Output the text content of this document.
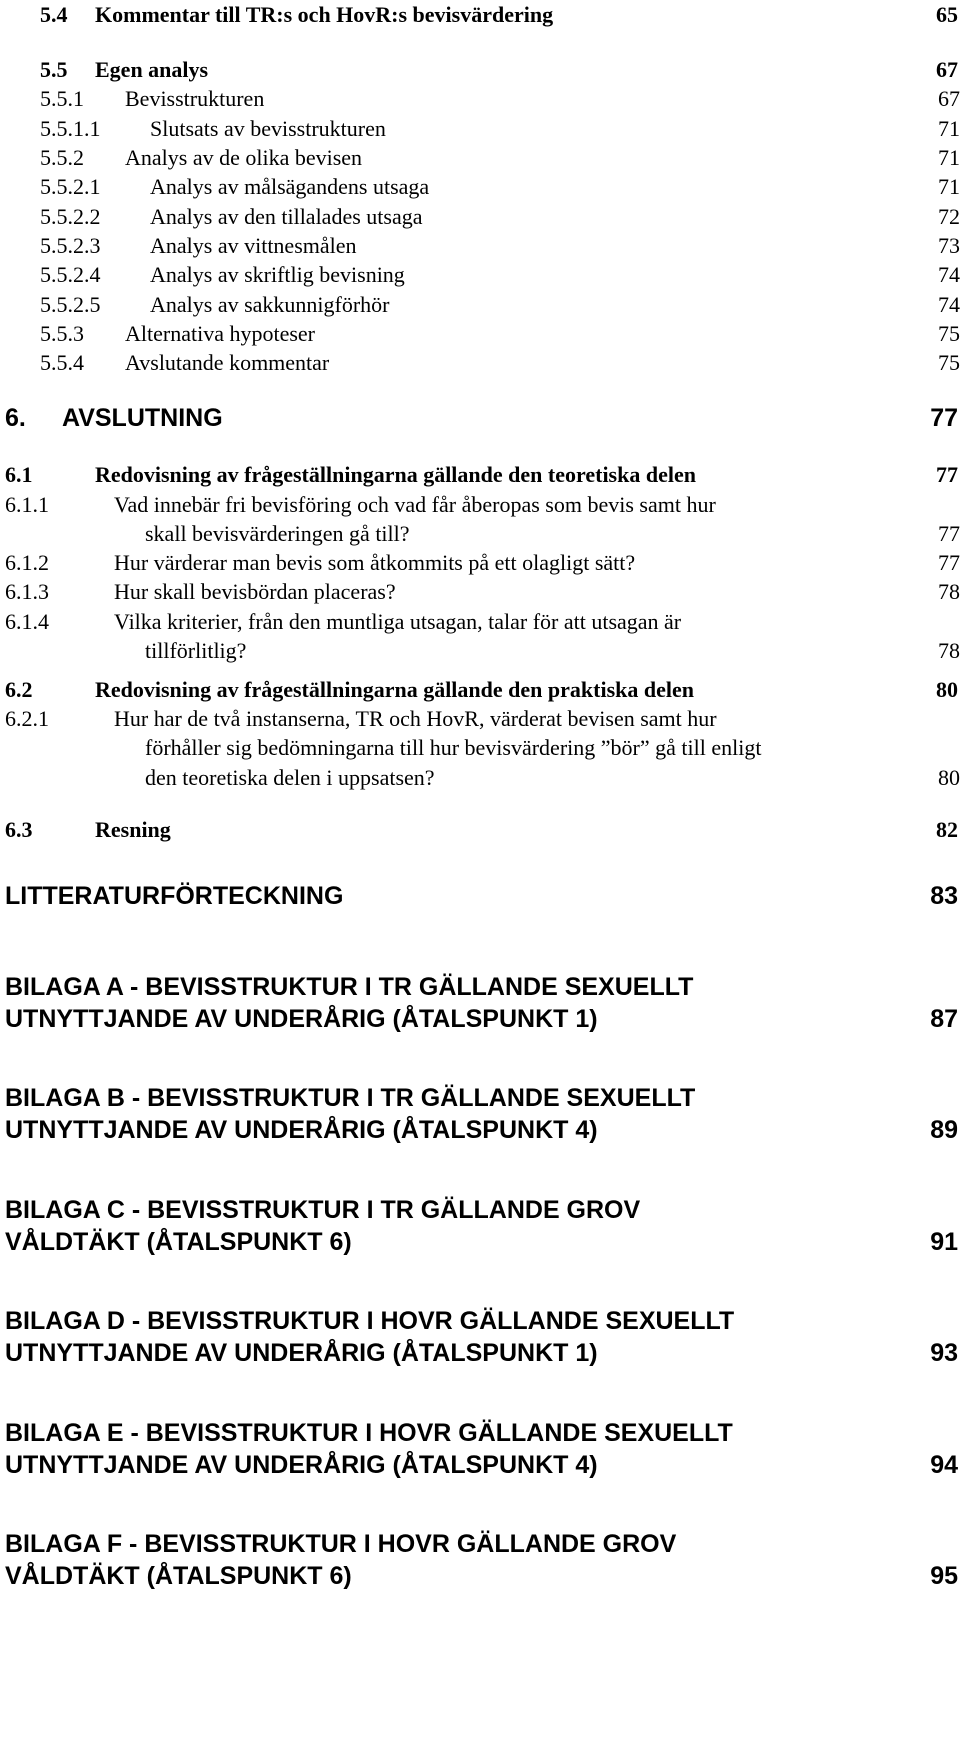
5.4 Kommentar till TR:s och HovR:s bevisvärdering	65
5.5 Egen analys	67
5.5.1 Bevisstrukturen	67
5.5.1.1 Slutsats av bevisstrukturen	71
5.5.2 Analys av de olika bevisen	71
5.5.2.1 Analys av målsägandens utsaga	71
5.5.2.2 Analys av den tillalades utsaga	72
5.5.2.3 Analys av vittnesmålen	73
5.5.2.4 Analys av skriftlig bevisning	74
5.5.2.5 Analys av sakkunnigförhör	74
5.5.3 Alternativa hypoteser	75
5.5.4 Avslutande kommentar	75
6. AVSLUTNING	77
6.1	Redovisning av frågeställningarna gällande den teoretiska delen	77
6.1.1	Vad innebär fri bevisföring och vad får åberopas som bevis samt hur
skall bevisvärderingen gå till?	77
6.1.2	Hur värderar man bevis som åtkommits på ett olagligt sätt?	77
6.1.3	Hur skall bevisbördan placeras?	78
6.1.4	Vilka kriterier, från den muntliga utsagan, talar för att utsagan är
tillförlitlig?	78
6.2	Redovisning av frågeställningarna gällande den praktiska delen	80
6.2.1	Hur har de två instanserna, TR och HovR, värderat bevisen samt hur
förhåller sig bedömningarna till hur bevisvärdering ”bör” gå till enligt
den teoretiska delen i uppsatsen?	80
6.3	Resning	82
LITTERATURFÖRTECKNING	83
BILAGA A - BEVISSTRUKTUR I TR GÄLLANDE SEXUELLT
UTNYTTJANDE AV UNDERÅRIG (ÅTALSPUNKT 1)	87
BILAGA B - BEVISSTRUKTUR I TR GÄLLANDE SEXUELLT
UTNYTTJANDE AV UNDERÅRIG (ÅTALSPUNKT 4)	89
BILAGA C - BEVISSTRUKTUR I TR GÄLLANDE GROV
VÅLDTÄKT (ÅTALSPUNKT 6)	91
BILAGA D - BEVISSTRUKTUR I HOVR GÄLLANDE SEXUELLT
UTNYTTJANDE AV UNDERÅRIG (ÅTALSPUNKT 1)	93
BILAGA E - BEVISSTRUKTUR I HOVR GÄLLANDE SEXUELLT
UTNYTTJANDE AV UNDERÅRIG (ÅTALSPUNKT 4)	94
BILAGA F - BEVISSTRUKTUR I HOVR GÄLLANDE GROV
VÅLDTÄKT (ÅTALSPUNKT 6)	95
